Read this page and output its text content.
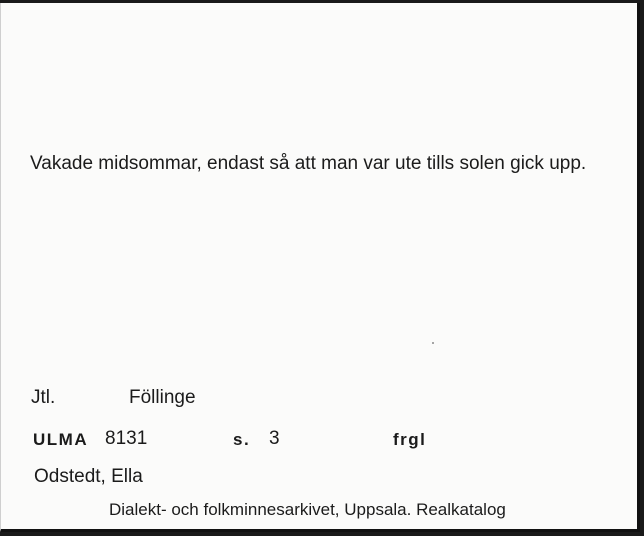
Vakade midsommar, endast så att man var ute tills solen gick upp.
Jtl.	Föllinge
ULMA 8131	s. 3	frgl
Odstedt, Ella
Dialekt- och folkminnesarkivet, Uppsala. Realkatalog
